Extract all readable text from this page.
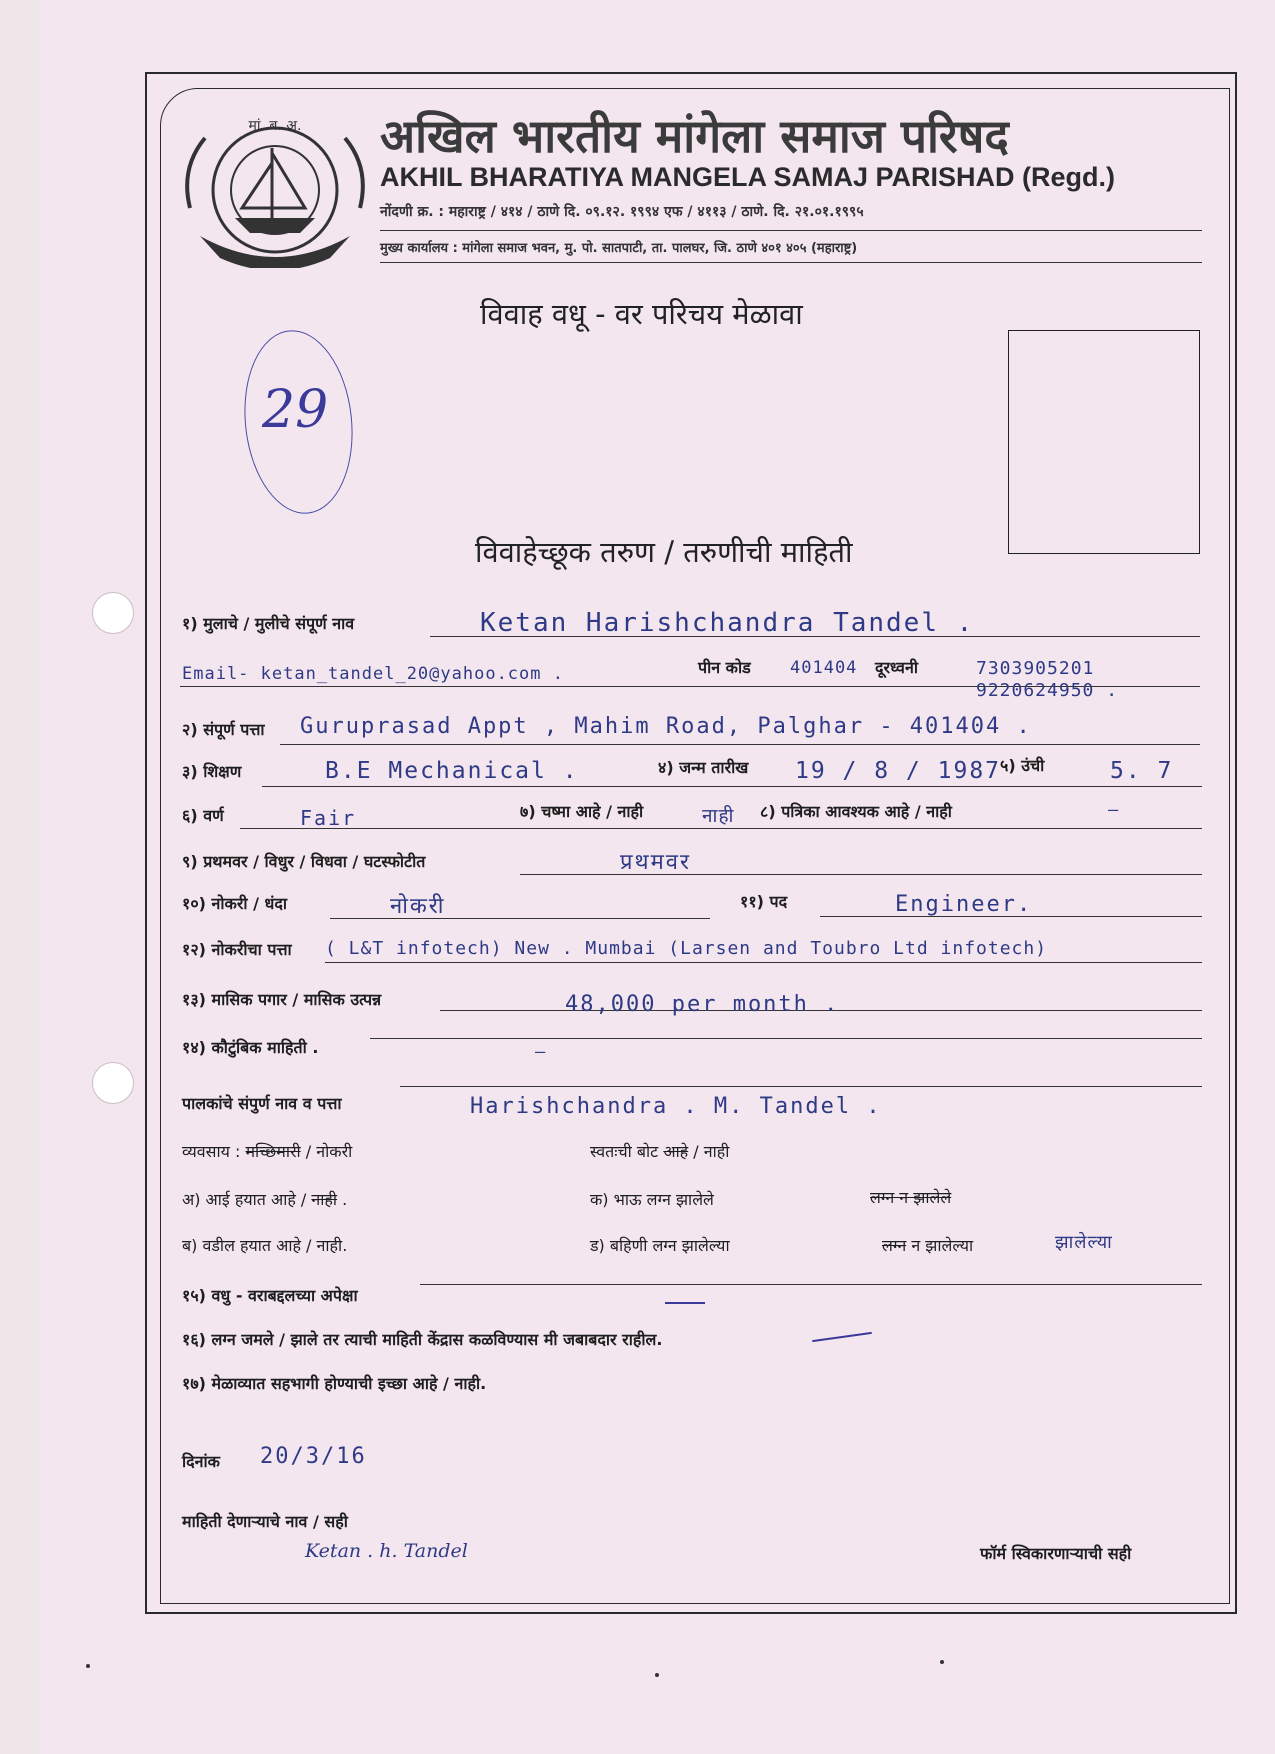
मां. ब. अ. अखिल भारतीय मांगेला समाज परिषद
AKHIL BHARATIYA MANGELA SAMAJ PARISHAD (Regd.)
नोंदणी क्र. : महाराष्ट्र / ४१४ / ठाणे दि. ०९.१२. १९९४ एफ / ४११३ / ठाणे. दि. २१.०१.१९९५
मुख्य कार्यालय : मांगेला समाज भवन, मु. पो. सातपाटी, ता. पालघर, जि. ठाणे ४०१ ४०५ (महाराष्ट्र)
विवाह वधू - वर परिचय मेळावा
29
विवाहेच्छूक तरुण / तरुणीची माहिती
१) मुलाचे / मुलीचे संपूर्ण नाव	Ketan Harishchandra Tandel .
Email- ketan_tandel_20@yahoo.com .	पीन कोड 401404 दूरध्वनी	7303905201
9220624950 .
२) संपूर्ण पत्ता Guruprasad Appt , Mahim Road, Palghar - 401404 .
३) शिक्षण	B.E Mechanical .	४) जन्म तारीख 19 / 8 / 1987
५) उंची	5. 7
६) वर्ण	Fair	७) चष्मा आहे / नाही	नाही ८) पत्रिका आवश्यक आहे / नाही	—
९) प्रथमवर / विधुर / विधवा / घटस्फोटीत	प्रथमवर
१०) नोकरी / धंदा	नोकरी	११) पद	Engineer.
१२) नोकरीचा पत्ता ( L&T infotech) New . Mumbai (Larsen and Toubro Ltd infotech)
१३) मासिक पगार / मासिक उत्पन्न	48,000 per month .
१४) कौटुंबिक माहिती .	—
पालकांचे संपुर्ण नाव व पत्ता	Harishchandra . M. Tandel .
व्यवसाय : मच्छिमारी / नोकरी	स्वतःची बोट आहे / नाही
अ) आई हयात आहे / नाही .	क) भाऊ लग्न झालेले	लग्न न झालेले
ब) वडील हयात आहे / नाही.	ड) बहिणी लग्न झालेल्या	लग्न न झालेल्या	झालेल्या
१५) वधु - वराबद्दलच्या अपेक्षा
१६) लग्न जमले / झाले तर त्याची माहिती केंद्रास कळविण्यास मी जबाबदार राहील.
१७) मेळाव्यात सहभागी होण्याची इच्छा आहे / नाही.
दिनांक 20/3/16
माहिती देणाऱ्याचे नाव / सही
Ketan . h. Tandel	फॉर्म स्विकारणाऱ्याची सही
